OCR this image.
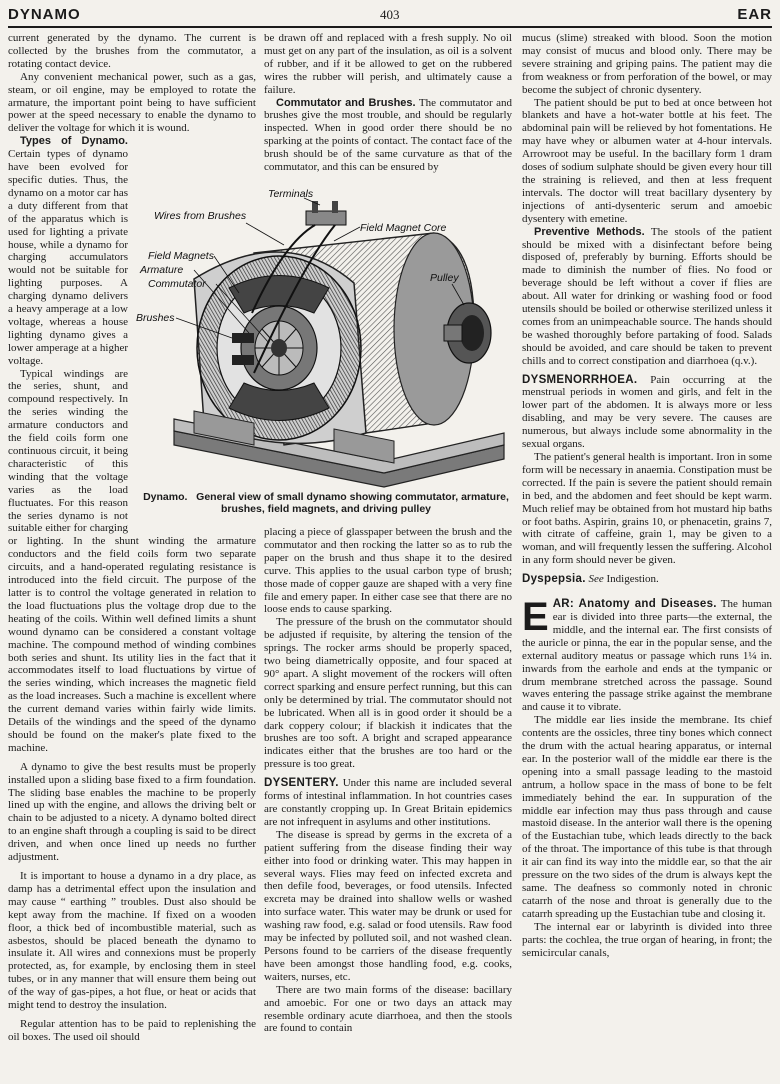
DYNAMO	403	EAR

current generated by the dynamo. The current is collected by the brushes from the commutator, a rotating contact device.

Any convenient mechanical power, such as a gas, steam, or oil engine, may be employed to rotate the armature, the important point being to have sufficient power at the speed necessary to enable the dynamo to deliver the voltage for which it is wound.

Types of Dynamo. Certain types of dynamo have been evolved for specific duties. Thus, the dynamo on a motor car has a duty different from that of the apparatus which is used for lighting a private house, while a dynamo for charging accumulators would not be suitable for lighting purposes. A charging dynamo delivers a heavy amperage at a low voltage, whereas a house lighting dynamo gives a lower amperage at a higher voltage.

Typical windings are the series, shunt, and compound respectively. In the series winding the armature conductors and the field coils form one continuous circuit, it being characteristic of this winding that the voltage varies as the load fluctuates. For this reason the series dynamo is not suitable either for charging or lighting. In the shunt winding the armature conductors and the field coils form two separate circuits, and a hand-operated regulating resistance is introduced into the field circuit. The purpose of the latter is to control the voltage generated in relation to the load fluctuations plus the voltage drop due to the heating of the coils. Within well defined limits a shunt wound dynamo can be considered a constant voltage machine. The compound method of winding combines both series and shunt. Its utility lies in the fact that it accommodates itself to load fluctuations by virtue of the series winding, which increases the magnetic field as the load increases. Such a machine is excellent where the current demand varies within fairly wide limits. Details of the windings and the speed of the dynamo should be found on the maker's plate fixed to the machine.

A dynamo to give the best results must be properly installed upon a sliding base fixed to a firm foundation. The sliding base enables the machine to be properly lined up with the engine, and allows the driving belt or chain to be adjusted to a nicety. A dynamo bolted direct to an engine shaft through a coupling is said to be direct driven, and when once lined up needs no further adjustment.

It is important to house a dynamo in a dry place, as damp has a detrimental effect upon the insulation and may cause “ earthing ” troubles. Dust also should be kept away from the machine. If fixed on a wooden floor, a thick bed of incombustible material, such as asbestos, should be placed beneath the dynamo to insulate it. All wires and connexions must be properly protected, as, for example, by enclosing them in steel tubes, or in any manner that will ensure them being out of the way of gas-pipes, a hot flue, or heat or acids that might tend to destroy the insulation.

Regular attention has to be paid to replenishing the oil boxes. The used oil should

be drawn off and replaced with a fresh supply. No oil must get on any part of the insulation, as oil is a solvent of rubber, and if it be allowed to get on the rubbered wires the rubber will perish, and ultimately cause a failure.

Commutator and Brushes. The commutator and brushes give the most trouble, and should be regularly inspected. When in good order there should be no sparking at the points of contact. The contact face of the brush should be of the same curvature as that of the commutator, and this can be ensured by

placing a piece of glasspaper between the brush and the commutator and then rocking the latter so as to rub the paper on the brush and thus shape it to the desired curve. This applies to the usual carbon type of brush; those made of copper gauze are shaped with a very fine file and emery paper. In either case see that there are no loose ends to cause sparking.

The pressure of the brush on the commutator should be adjusted if requisite, by altering the tension of the springs. The rocker arms should be properly spaced, two being diametrically opposite, and four spaced at 90° apart. A slight movement of the rockers will often correct sparking and ensure perfect running, but this can only be determined by trial. The commutator should not be lubricated. When all is in good order it should be a dark coppery colour; if blackish it indicates that the brushes are too soft. A bright and scraped appearance indicates either that the brushes are too hard or the pressure is too great.

DYSENTERY. Under this name are included several forms of intestinal inflammation. In hot countries cases are constantly cropping up. In Great Britain epidemics are not infrequent in asylums and other institutions.

The disease is spread by germs in the excreta of a patient suffering from the disease finding their way either into food or drinking water. This may happen in several ways. Flies may feed on infected excreta and then defile food, beverages, or food utensils. Infected excreta may be drained into shallow wells or washed into surface water. This water may be drunk or used for washing raw food, e.g. salad or food utensils. Raw food may be infected by polluted soil, and not washed clean. Persons found to be carriers of the disease frequently have been amongst those handling food, e.g. cooks, waiters, nurses, etc.

There are two main forms of the disease: bacillary and amoebic. For one or two days an attack may resemble ordinary acute diarrhoea, and then the stools are found to contain

mucus (slime) streaked with blood. Soon the motion may consist of mucus and blood only. There may be severe straining and griping pains. The patient may die from weakness or from perforation of the bowel, or may become the subject of chronic dysentery.

The patient should be put to bed at once between hot blankets and have a hot-water bottle at his feet. The abdominal pain will be relieved by hot fomentations. He may have whey or albumen water at 4-hour intervals. Arrowroot may be useful. In the bacillary form 1 dram doses of sodium sulphate should be given every hour till the straining is relieved, and then at less frequent intervals. The doctor will treat bacillary dysentery by injections of anti-dysenteric serum and amoebic dysentery with emetine.

Preventive Methods. The stools of the patient should be mixed with a disinfectant before being disposed of, preferably by burning. Efforts should be made to diminish the number of flies. No food or beverage should be left without a cover if flies are about. All water for drinking or washing food or food utensils should be boiled or otherwise sterilized unless it comes from an unimpeachable source. The hands should be washed thoroughly before partaking of food. Salads should be avoided, and care should be taken to prevent chills and to correct constipation and diarrhoea (q.v.).

DYSMENORRHOEA. Pain occurring at the menstrual periods in women and girls, and felt in the lower part of the abdomen. It is always more or less disabling, and may be very severe. The causes are numerous, but always include some abnormality in the sexual organs.

The patient's general health is important. Iron in some form will be necessary in anaemia. Constipation must be corrected. If the pain is severe the patient should remain in bed, and the abdomen and feet should be kept warm. Much relief may be obtained from hot mustard hip baths or foot baths. Aspirin, grains 10, or phenacetin, grains 7, with citrate of caffeine, grain 1, may be given to a woman, and will frequently lessen the suffering. Alcohol in any form should never be given.

Dyspepsia. See Indigestion.

EAR: Anatomy and Diseases. The human ear is divided into three parts—the external, the middle, and the internal ear. The first consists of the auricle or pinna, the ear in the popular sense, and the external auditory meatus or passage which runs 1¼ in. inwards from the earhole and ends at the tympanic or drum membrane stretched across the passage. Sound waves entering the passage strike against the membrane and cause it to vibrate.

The middle ear lies inside the membrane. Its chief contents are the ossicles, three tiny bones which connect the drum with the actual hearing apparatus, or internal ear. In the posterior wall of the middle ear there is the opening into a small passage leading to the mastoid antrum, a hollow space in the mass of bone to be felt immediately behind the ear. In suppuration of the middle ear infection may thus pass through and cause mastoid disease. In the anterior wall there is the opening of the Eustachian tube, which leads directly to the back of the throat. The importance of this tube is that through it air can find its way into the middle ear, so that the air pressure on the two sides of the drum is always kept the same. The deafness so commonly noted in chronic catarrh of the nose and throat is generally due to the catarrh spreading up the Eustachian tube and closing it.

The internal ear or labyrinth is divided into three parts: the cochlea, the true organ of hearing, in front; the semicircular canals,

Terminals
Wires from Brushes
Field Magnet Core
Field Magnets
Armature
Commutator	Pulley
Brushes
Dynamo. General view of small dynamo showing commutator, armature, brushes, field magnets, and driving pulley
